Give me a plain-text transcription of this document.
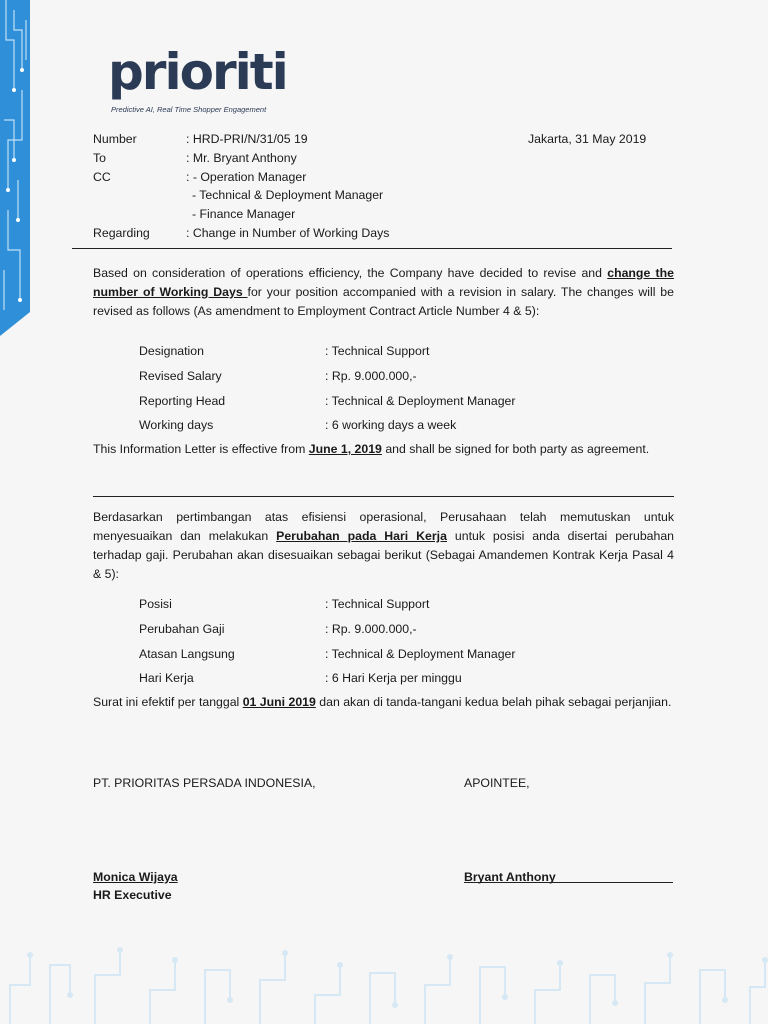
prioriti
Predictive AI, Real Time Shopper Engagement
Number	: HRD-PRI/N/31/05 19	Jakarta, 31 May 2019
To	: Mr. Bryant Anthony
CC	: - Operation Manager
- Technical & Deployment Manager
- Finance Manager
Regarding	: Change in Number of Working Days

Based on consideration of operations efficiency, the Company have decided to revise and change the number of Working Days for your position accompanied with a revision in salary. The changes will be revised as follows (As amendment to Employment Contract Article Number 4 & 5):

Designation	: Technical Support
Revised Salary	: Rp. 9.000.000,-
Reporting Head	: Technical & Deployment Manager
Working days	: 6 working days a week

This Information Letter is effective from June 1, 2019 and shall be signed for both party as agreement.

Berdasarkan pertimbangan atas efisiensi operasional, Perusahaan telah memutuskan untuk menyesuaikan dan melakukan Perubahan pada Hari Kerja untuk posisi anda disertai perubahan terhadap gaji. Perubahan akan disesuaikan sebagai berikut (Sebagai Amandemen Kontrak Kerja Pasal 4 & 5):

Posisi	: Technical Support
Perubahan Gaji	: Rp. 9.000.000,-
Atasan Langsung	: Technical & Deployment Manager
Hari Kerja	: 6 Hari Kerja per minggu

Surat ini efektif per tanggal 01 Juni 2019 dan akan di tanda-tangani kedua belah pihak sebagai perjanjian.

PT. PRIORITAS PERSADA INDONESIA,	APOINTEE,
Monica Wijaya
HR Executive
Bryant Anthony
